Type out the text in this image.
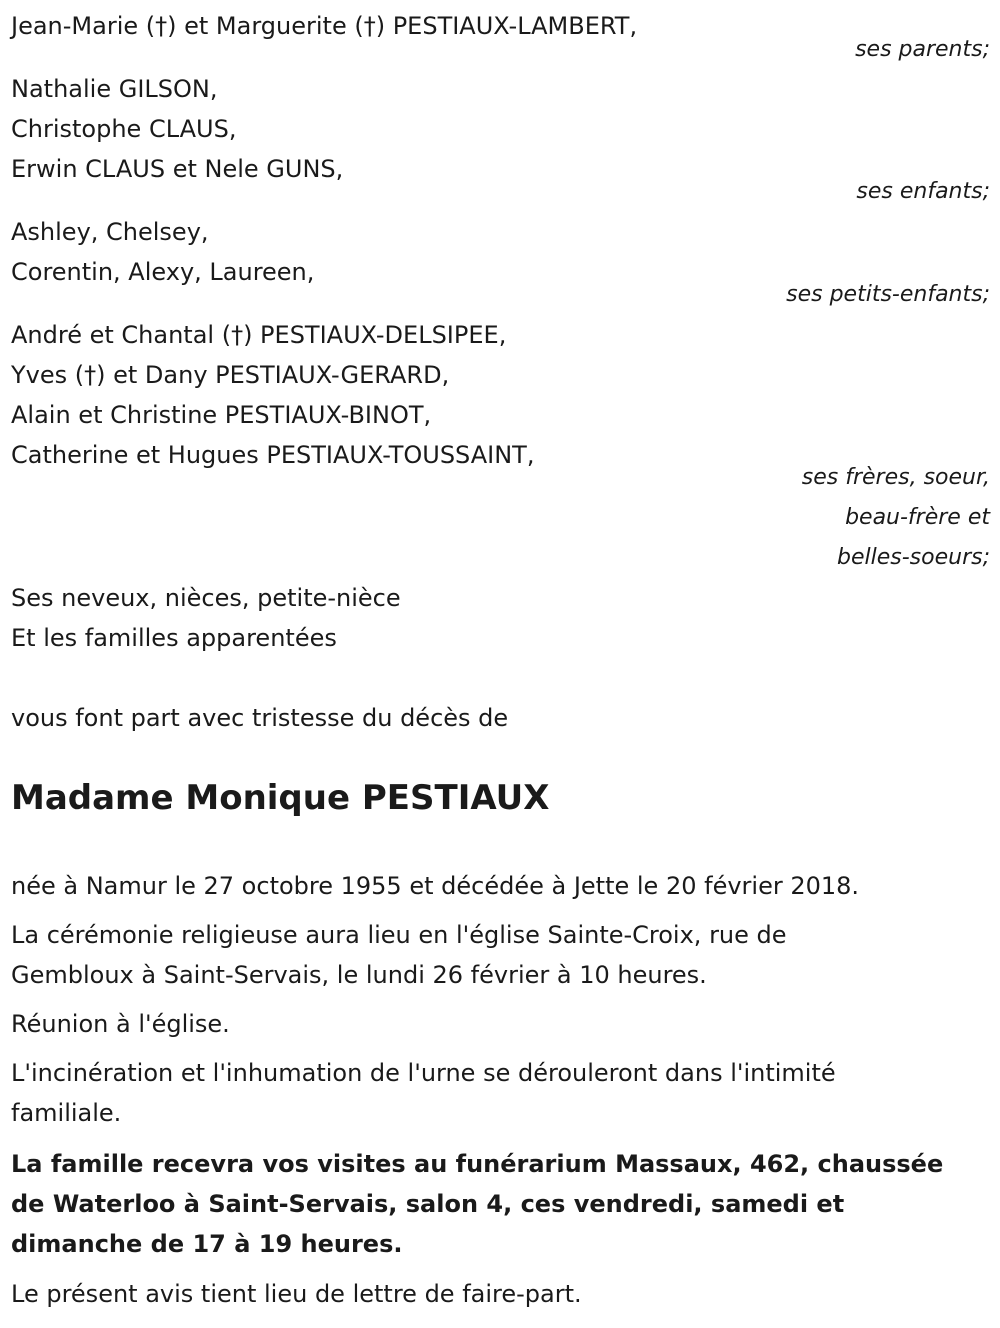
Jean-Marie (†) et Marguerite (†) PESTIAUX-LAMBERT,
ses parents;
Nathalie GILSON,
Christophe CLAUS,
Erwin CLAUS et Nele GUNS,
ses enfants;
Ashley, Chelsey,
Corentin, Alexy, Laureen,
ses petits-enfants;
André et Chantal (†) PESTIAUX-DELSIPEE,
Yves (†) et Dany PESTIAUX-GERARD,
Alain et Christine PESTIAUX-BINOT,
Catherine et Hugues PESTIAUX-TOUSSAINT,
ses frères, soeur,
beau-frère et
belles-soeurs;
Ses neveux, nièces, petite-nièce
Et les familles apparentées
vous font part avec tristesse du décès de
Madame Monique PESTIAUX
née à Namur le 27 octobre 1955 et décédée à Jette le 20 février 2018.
La cérémonie religieuse aura lieu en l'église Sainte-Croix, rue de
Gembloux à Saint-Servais, le lundi 26 février à 10 heures.
Réunion à l'église.
L'incinération et l'inhumation de l'urne se dérouleront dans l'intimité
familiale.
La famille recevra vos visites au funérarium Massaux, 462, chaussée
de Waterloo à Saint-Servais, salon 4, ces vendredi, samedi et
dimanche de 17 à 19 heures.
Le présent avis tient lieu de lettre de faire-part.
